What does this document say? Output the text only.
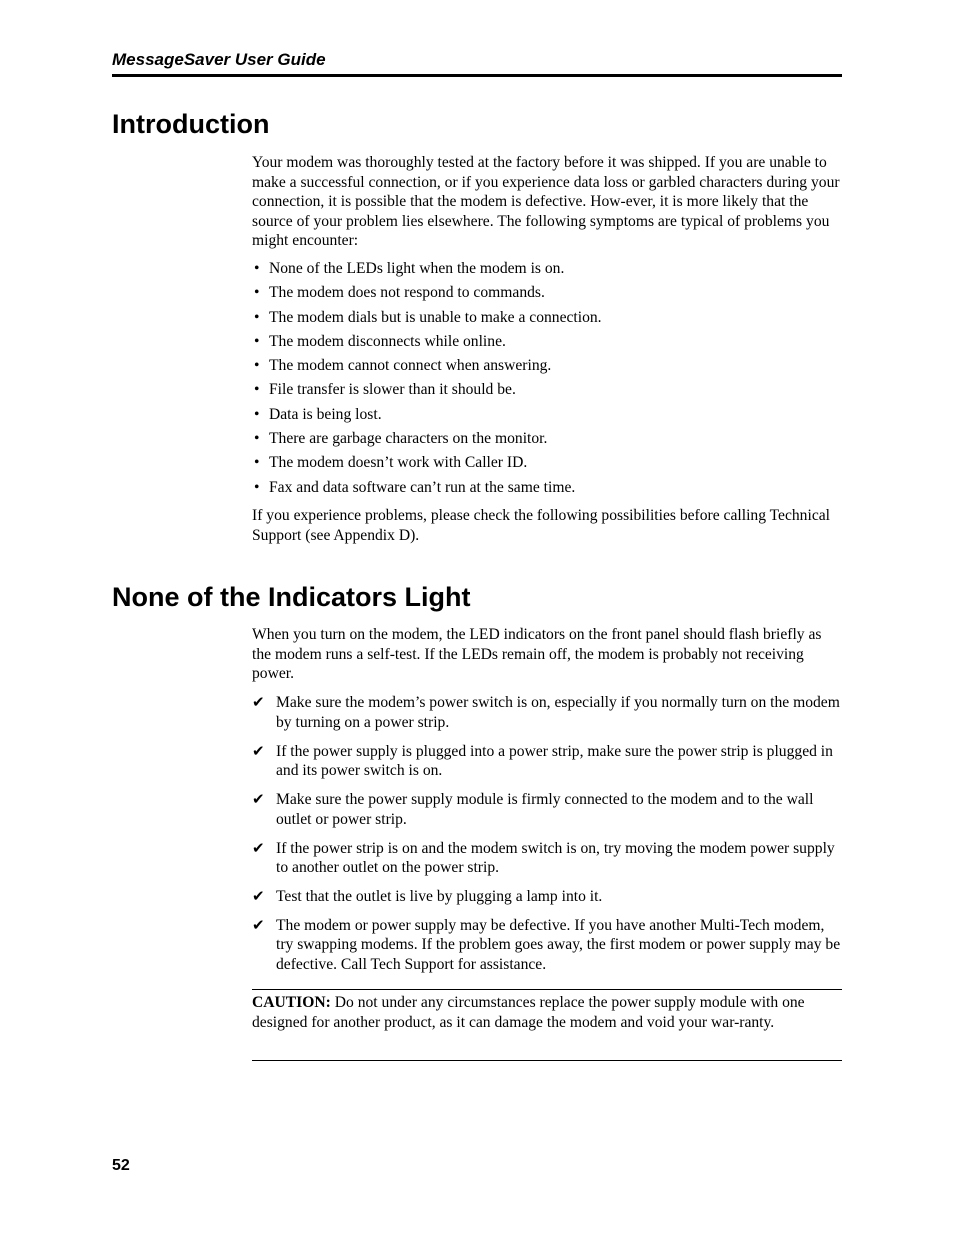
MessageSaver User Guide
Introduction

Your modem was thoroughly tested at the factory before it was shipped. If you are unable to make a successful connection, or if you experience data loss or garbled characters during your connection, it is possible that the modem is defective. How-ever, it is more likely that the source of your problem lies elsewhere. The following symptoms are typical of problems you might encounter:

• None of the LEDs light when the modem is on.
• The modem does not respond to commands.
• The modem dials but is unable to make a connection.
• The modem disconnects while online.
• The modem cannot connect when answering.
• File transfer is slower than it should be.
• Data is being lost.
• There are garbage characters on the monitor.
• The modem doesn’t work with Caller ID.
• Fax and data software can’t run at the same time.

If you experience problems, please check the following possibilities before calling Technical Support (see Appendix D).

None of the Indicators Light

When you turn on the modem, the LED indicators on the front panel should flash briefly as the modem runs a self-test. If the LEDs remain off, the modem is probably not receiving power.

✔ Make sure the modem’s power switch is on, especially if you normally turn on the modem by turning on a power strip.
✔ If the power supply is plugged into a power strip, make sure the power strip is plugged in and its power switch is on.
✔ Make sure the power supply module is firmly connected to the modem and to the wall outlet or power strip.
✔ If the power strip is on and the modem switch is on, try moving the modem power supply to another outlet on the power strip.
✔ Test that the outlet is live by plugging a lamp into it.
✔ The modem or power supply may be defective. If you have another Multi-Tech modem, try swapping modems. If the problem goes away, the first modem or power supply may be defective. Call Tech Support for assistance.

CAUTION: Do not under any circumstances replace the power supply module with one designed for another product, as it can damage the modem and void your war-ranty.

52
